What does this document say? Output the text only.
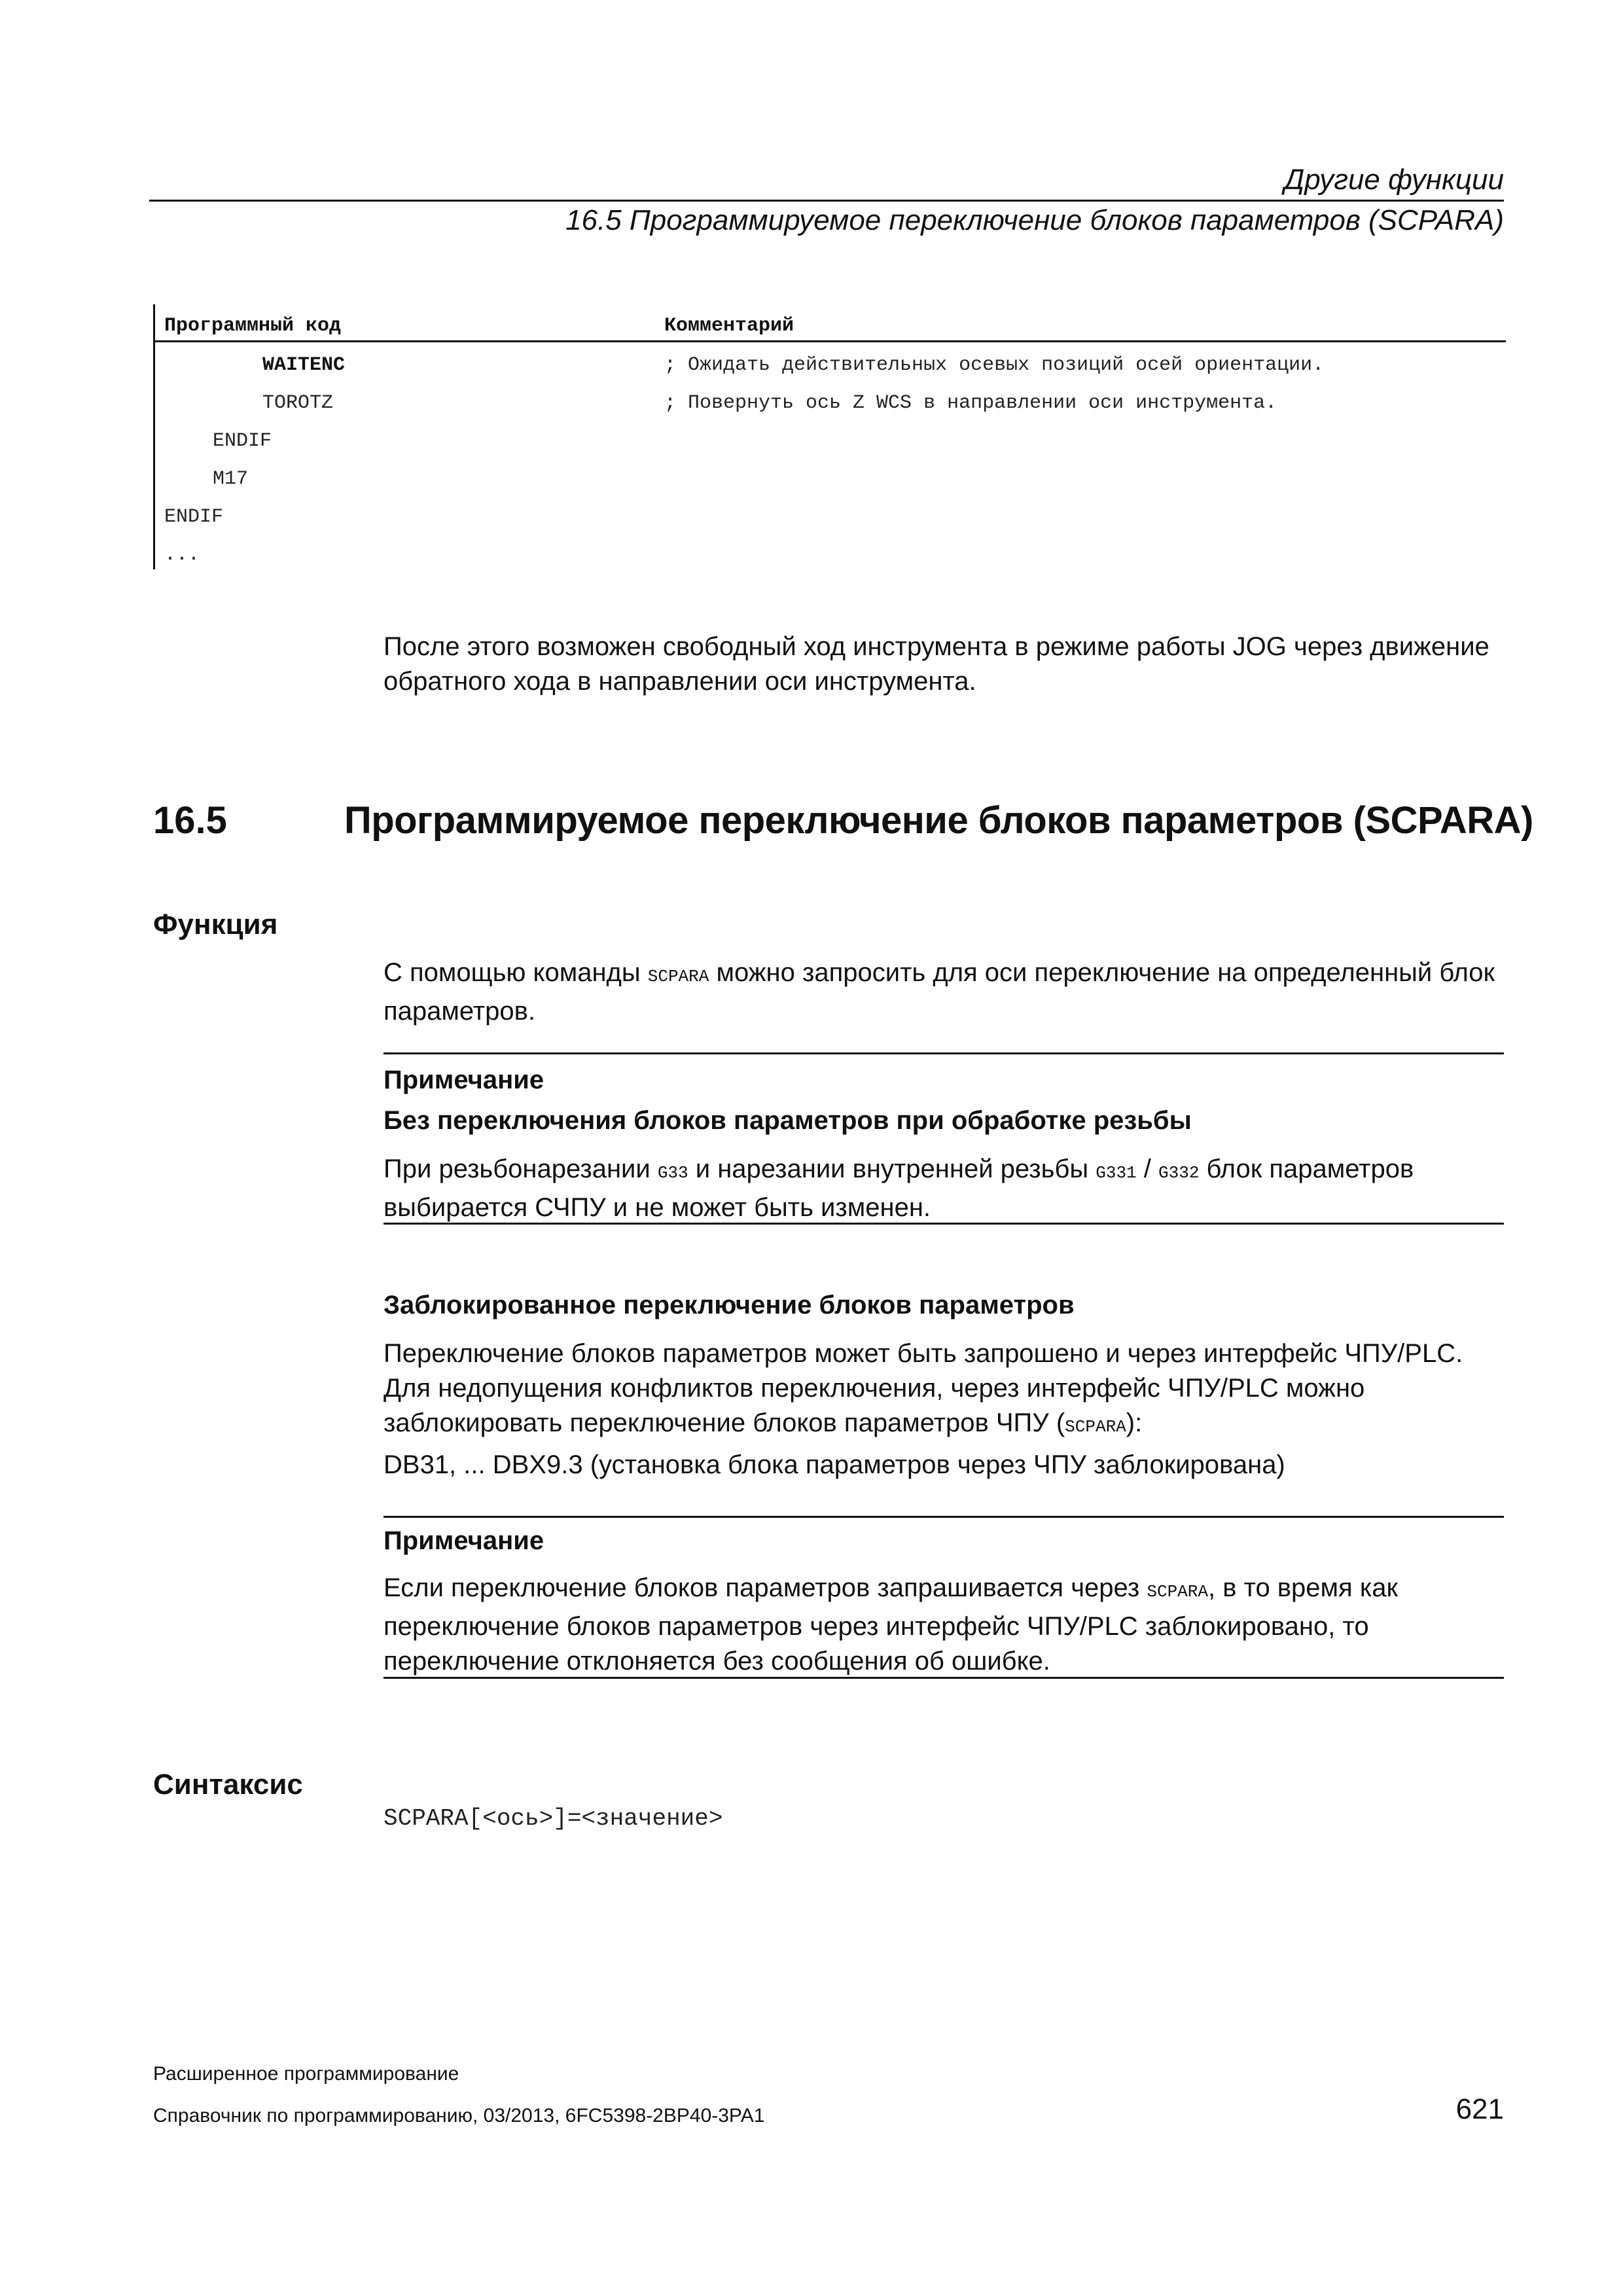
Другие функции
16.5 Программируемое переключение блоков параметров (SCPARA)
Программный код	Комментарий
WAITENC	; Ожидать действительных осевых позиций осей ориентации.
TOROTZ	; Повернуть ось Z WCS в направлении оси инструмента.
ENDIF
M17
ENDIF
...
После этого возможен свободный ход инструмента в режиме работы JOG через движение обратного хода в направлении оси инструмента.
16.5	Программируемое переключение блоков параметров (SCPARA)
Функция
С помощью команды SCPARA можно запросить для оси переключение на определенный блок параметров.
Примечание
Без переключения блоков параметров при обработке резьбы
При резьбонарезании G33 и нарезании внутренней резьбы G331 / G332 блок параметров выбирается СЧПУ и не может быть изменен.
Заблокированное переключение блоков параметров
Переключение блоков параметров может быть запрошено и через интерфейс ЧПУ/PLC. Для недопущения конфликтов переключения, через интерфейс ЧПУ/PLC можно заблокировать переключение блоков параметров ЧПУ (SCPARA):
DB31, ... DBX9.3 (установка блока параметров через ЧПУ заблокирована)
Примечание
Если переключение блоков параметров запрашивается через SCPARA, в то время как переключение блоков параметров через интерфейс ЧПУ/PLC заблокировано, то переключение отклоняется без сообщения об ошибке.
Синтаксис
SCPARA[<ось>]=<значение>
Расширенное программирование
Справочник по программированию, 03/2013, 6FC5398-2BP40-3PA1	621
